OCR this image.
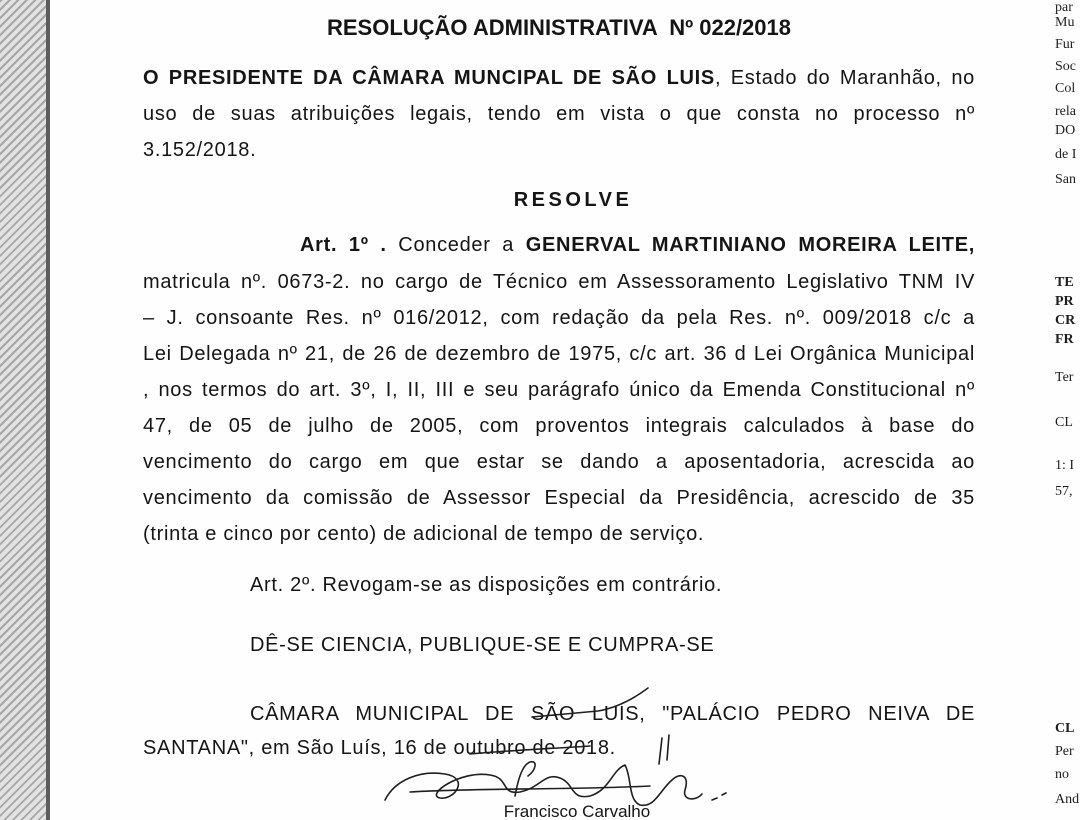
RESOLUÇÃO ADMINISTRATIVA  Nº 022/2018
O PRESIDENTE DA CÂMARA MUNCIPAL DE SÃO LUIS, Estado do Maranhão, no
uso de suas atribuições legais, tendo em vista o que consta no processo nº
3.152/2018.
RESOLVE
Art. 1º . Conceder a GENERVAL MARTINIANO MOREIRA LEITE,
matricula nº. 0673-2. no cargo de Técnico em Assessoramento Legislativo TNM IV
– J. consoante Res. nº 016/2012, com redação da pela Res. nº. 009/2018 c/c a
Lei Delegada nº 21, de 26 de dezembro de 1975, c/c art. 36 d Lei Orgânica Municipal
, nos termos do art. 3º, I, II, III e seu parágrafo único da Emenda Constitucional nº
47, de 05 de julho de 2005, com proventos integrais calculados à base do
vencimento do cargo em que estar se dando a aposentadoria, acrescida ao
vencimento da comissão de Assessor Especial da Presidência, acrescido de 35
(trinta e cinco por cento) de adicional de tempo de serviço.
Art. 2º. Revogam-se as disposições em contrário.
DÊ-SE CIENCIA, PUBLIQUE-SE E CUMPRA-SE
CÂMARA MUNICIPAL DE SÃO LUÍS, "PALÁCIO PEDRO NEIVA DE
SANTANA", em São Luís, 16 de outubro de 2018.
Francisco Carvalho
par
Mu
Fur
Soc
Col
rela
DO
de I
San
TE
PR
CR
FR
Ter
CL
1: I
57,
CL
Per
no
And
